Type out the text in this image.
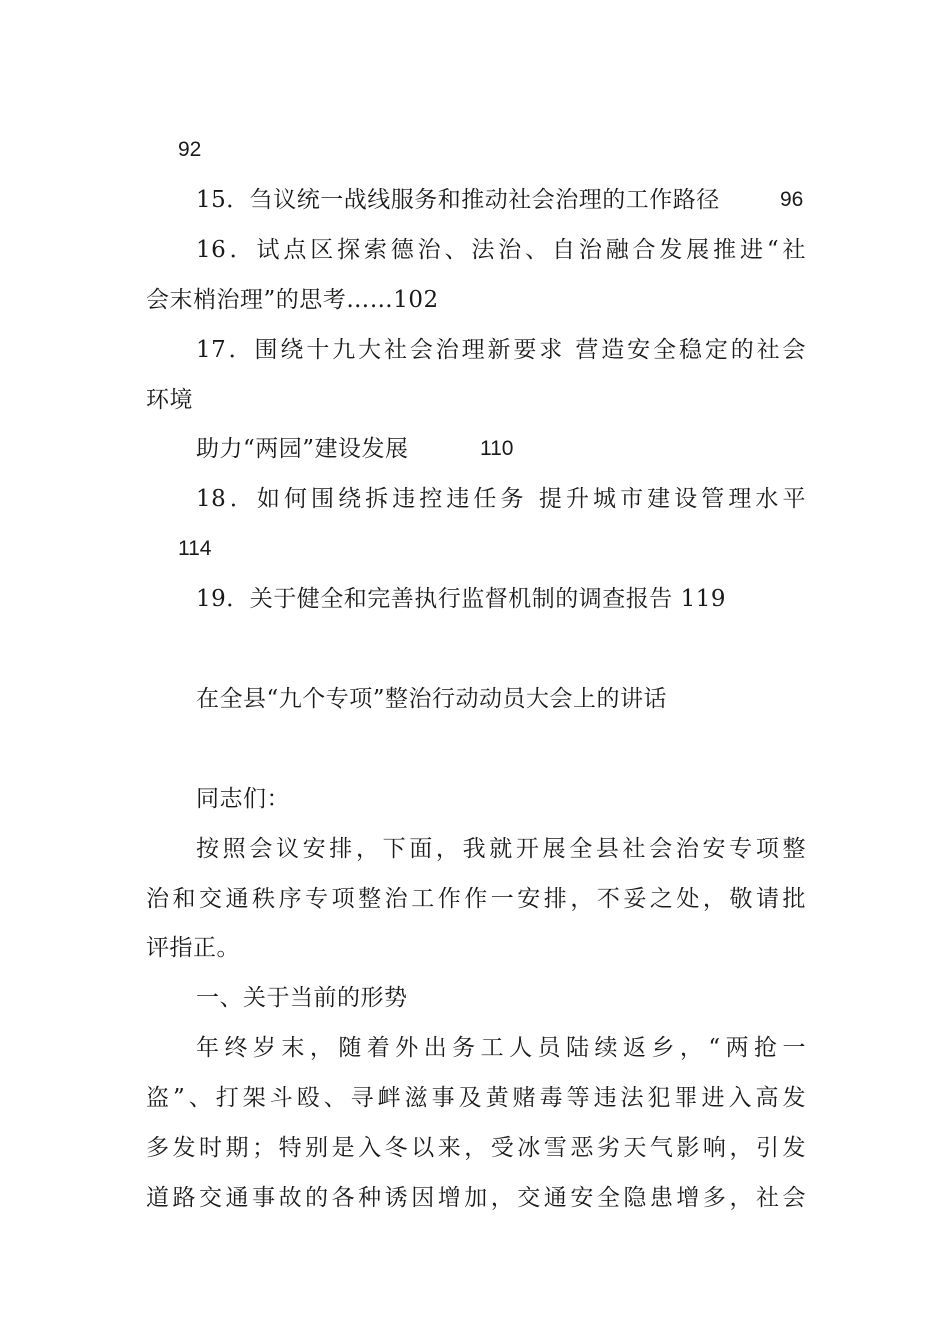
92
15．刍议统一战线服务和推动社会治理的工作路径	96
16．试点区探索德治、法治、自治融合发展推进“社
会末梢治理”的思考……102
17．围绕十九大社会治理新要求 营造安全稳定的社会
环境
助力“两园”建设发展	110
18．如何围绕拆违控违任务 提升城市建设管理水平
114
19．关于健全和完善执行监督机制的调查报告 119
在全县“九个专项”整治行动动员大会上的讲话
同志们：
按照会议安排，下面，我就开展全县社会治安专项整
治和交通秩序专项整治工作作一安排，不妥之处，敬请批
评指正。
一、关于当前的形势
年终岁末，随着外出务工人员陆续返乡，“两抢一
盗”、打架斗殴、寻衅滋事及黄赌毒等违法犯罪进入高发
多发时期；特别是入冬以来，受冰雪恶劣天气影响，引发
道路交通事故的各种诱因增加，交通安全隐患增多，社会
